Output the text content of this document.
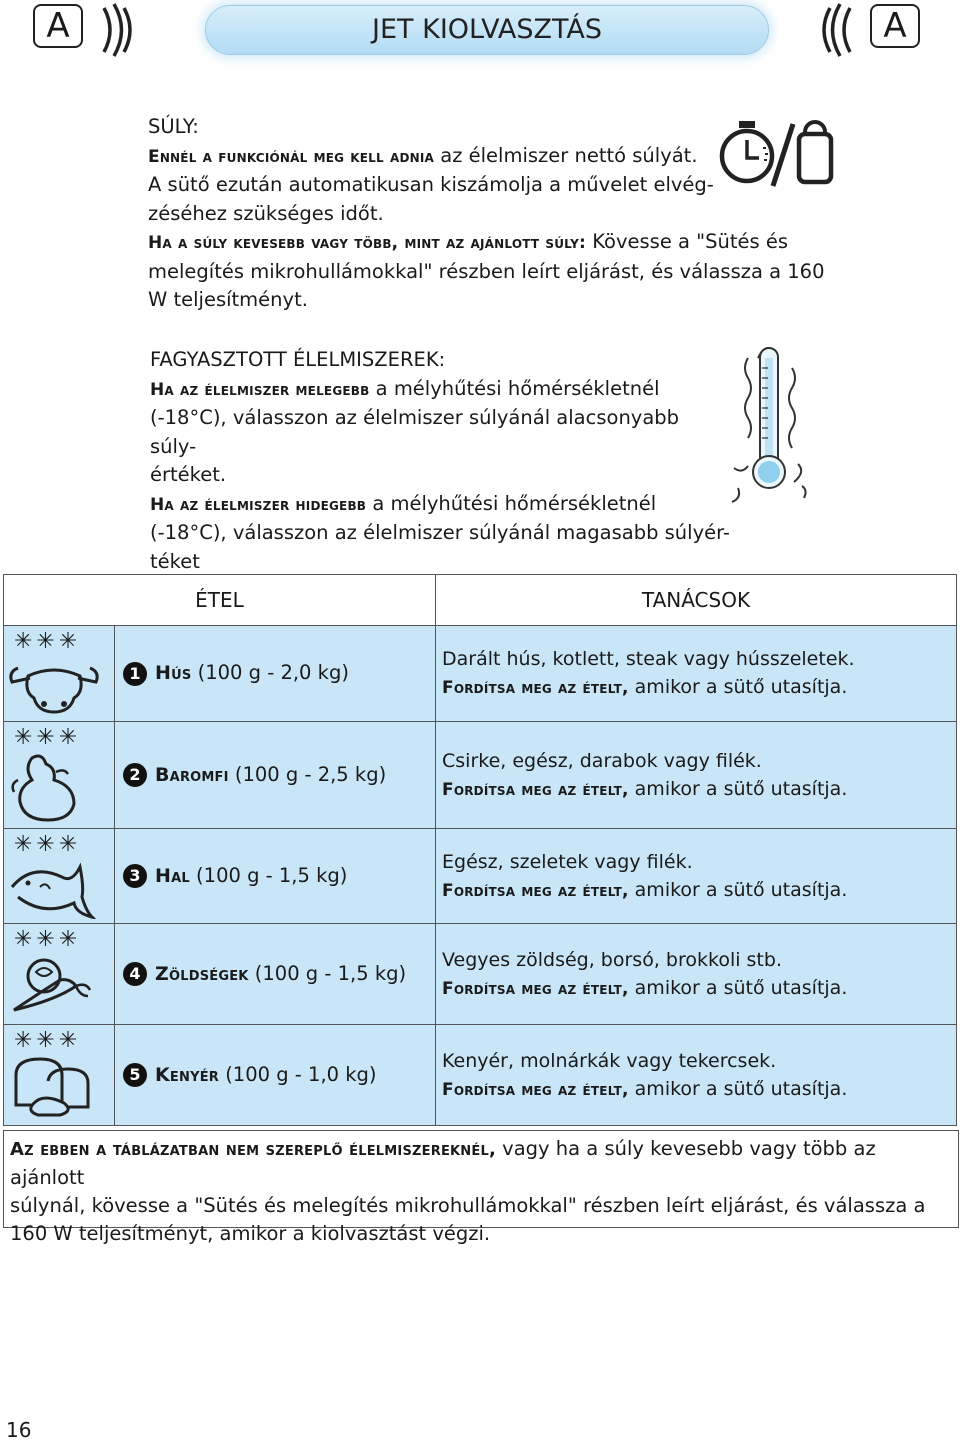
A	JET KIOLVASZTÁS	A
SÚLY:
Ennél a funkciónál meg kell adnia az élelmiszer nettó súlyát.
A sütő ezután automatikusan kiszámolja a művelet elvég-
zéséhez szükséges időt.
Ha a súly kevesebb vagy több, mint az ajánlott súly: Kövesse a "Sütés és
melegítés mikrohullámokkal" részben leírt eljárást, és válassza a 160
W teljesítményt.
FAGYASZTOTT ÉLELMISZEREK:
Ha az élelmiszer melegebb a mélyhűtési hőmérsékletnél
(-18°C), válasszon az élelmiszer súlyánál alacsonyabb súly-
értéket.
Ha az élelmiszer hidegebb a mélyhűtési hőmérsékletnél
(-18°C), válasszon az élelmiszer súlyánál magasabb súlyér-
téket
ÉTEL		TANÁCSOK

✳✳✳	1 Hús (100 g - 2,0 kg)	Darált hús, kotlett, steak vagy hússzeletek.
Fordítsa meg az ételt, amikor a sütő utasítja.

✳✳✳	2 Baromfi (100 g - 2,5 kg)	Csirke, egész, darabok vagy filék.
Fordítsa meg az ételt, amikor a sütő utasítja.

✳✳✳	3 Hal (100 g - 1,5 kg)	Egész, szeletek vagy filék.
Fordítsa meg az ételt, amikor a sütő utasítja.

✳✳✳	4 Zöldségek (100 g - 1,5 kg)	Vegyes zöldség, borsó, brokkoli stb.
Fordítsa meg az ételt, amikor a sütő utasítja.

✳✳✳	5 Kenyér (100 g - 1,0 kg)	Kenyér, molnárkák vagy tekercsek.
Fordítsa meg az ételt, amikor a sütő utasítja.
Az ebben a táblázatban nem szereplő élelmiszereknél, vagy ha a súly kevesebb vagy több az ajánlott
súlynál, kövesse a "Sütés és melegítés mikrohullámokkal" részben leírt eljárást, és válassza a
160 W teljesítményt, amikor a kiolvasztást végzi.
16
